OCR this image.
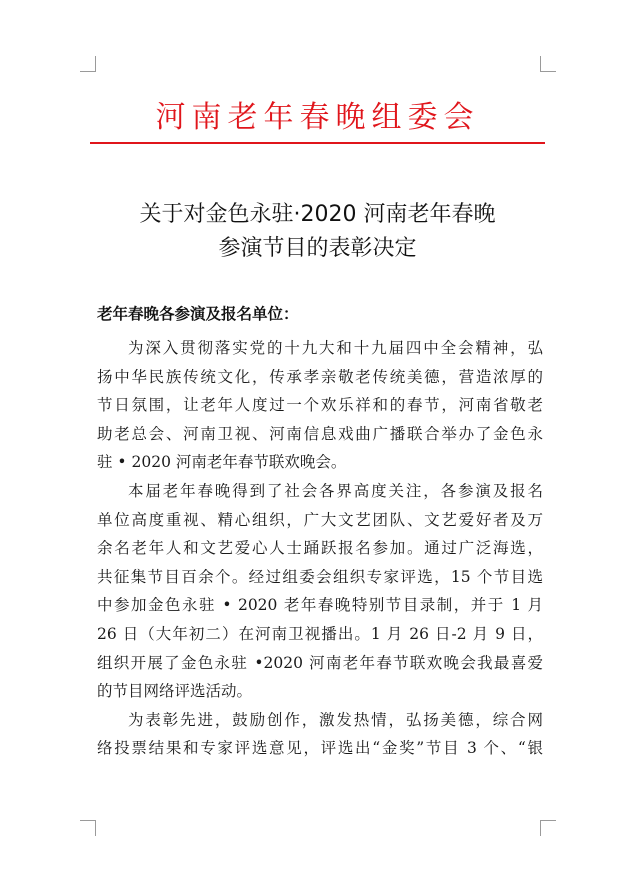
河南老年春晚组委会
关于对金色永驻·2020 河南老年春晚
参演节目的表彰决定
老年春晚各参演及报名单位：
为深入贯彻落实党的十九大和十九届四中全会精神，弘
扬中华民族传统文化，传承孝亲敬老传统美德，营造浓厚的
节日氛围，让老年人度过一个欢乐祥和的春节，河南省敬老
助老总会、河南卫视、河南信息戏曲广播联合举办了金色永
驻 • 2020 河南老年春节联欢晚会。
本届老年春晚得到了社会各界高度关注，各参演及报名
单位高度重视、精心组织，广大文艺团队、文艺爱好者及万
余名老年人和文艺爱心人士踊跃报名参加。通过广泛海选，
共征集节目百余个。经过组委会组织专家评选，15 个节目选
中参加金色永驻 • 2020 老年春晚特别节目录制，并于 1 月
26 日（大年初二）在河南卫视播出。1 月 26 日-2 月 9 日，
组织开展了金色永驻 •2020 河南老年春节联欢晚会我最喜爱
的节目网络评选活动。
为表彰先进，鼓励创作，激发热情，弘扬美德，综合网
络投票结果和专家评选意见，评选出“金奖”节目 3 个、“银
